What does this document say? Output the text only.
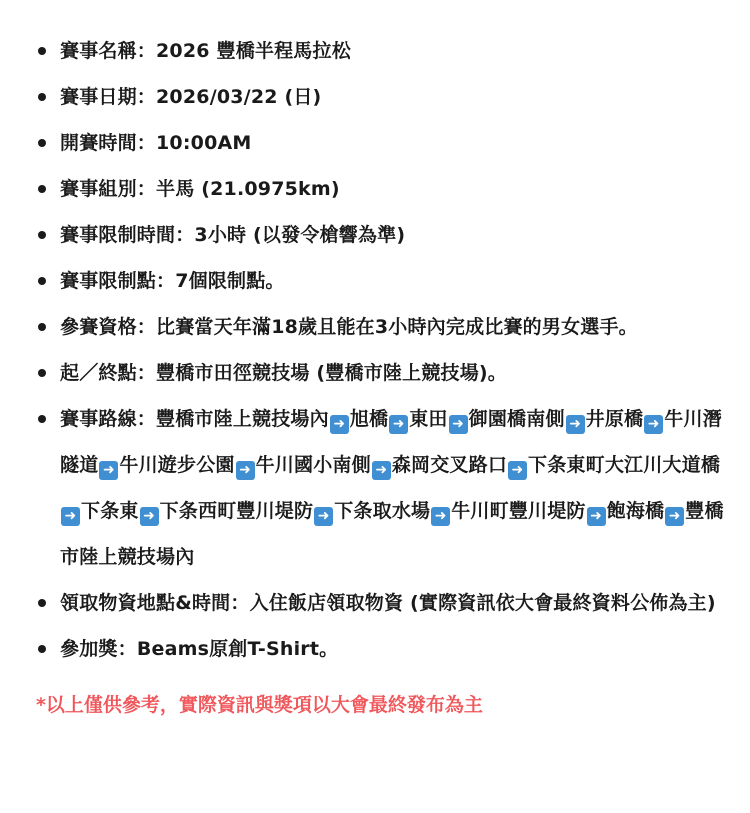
賽事名稱：2026 豐橋半程馬拉松
賽事日期：2026/03/22 (日)
開賽時間：10:00AM
賽事組別：半馬 (21.0975km)
賽事限制時間：3小時 (以發令槍響為準)
賽事限制點：7個限制點。
參賽資格：比賽當天年滿18歲且能在3小時內完成比賽的男女選手。
起／終點：豐橋市田徑競技場 (豐橋市陸上競技場)。
賽事路線：豐橋市陸上競技場內 ➜ 旭橋 ➜ 東田 ➜ 御園橋南側 ➜ 井原橋 ➜ 牛川潛隧道 ➜ 牛川遊步公園 ➜ 牛川國小南側 ➜ 森岡交叉路口 ➜ 下条東町大江川大道橋➜ 下条東 ➜ 下条西町豐川堤防 ➜ 下条取水場 ➜ 牛川町豐川堤防 ➜ 飽海橋 ➜ 豐橋市陸上競技場內
領取物資地點&時間：入住飯店領取物資 (實際資訊依大會最終資料公佈為主)
參加獎：Beams原創T-Shirt。
*以上僅供參考，實際資訊與獎項以大會最終發布為主
